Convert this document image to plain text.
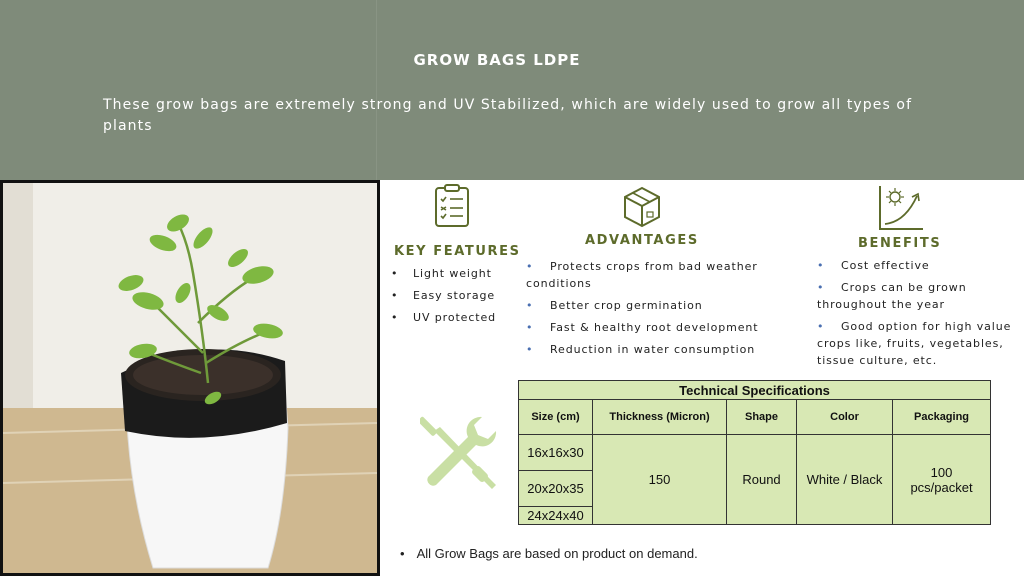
GROW BAGS LDPE
These grow bags are extremely strong and UV Stabilized, which are widely used to grow all types of plants
KEY FEATURES
• Light weight
• Easy storage
• UV protected
ADVANTAGES
• Protects crops from bad weather conditions
• Better crop germination
• Fast & healthy root development
• Reduction in water consumption
BENEFITS
• Cost effective
• Crops can be grown throughout the year
• Good option for high value crops like, fruits, vegetables, tissue culture, etc.
Technical Specifications				
Size (cm)	Thickness (Micron)	Shape	Color	Packaging
16x16x30	150	Round	White / Black	100 pcs/packet
20x20x35				
24x24x40				
• All Grow Bags are based on product on demand.
